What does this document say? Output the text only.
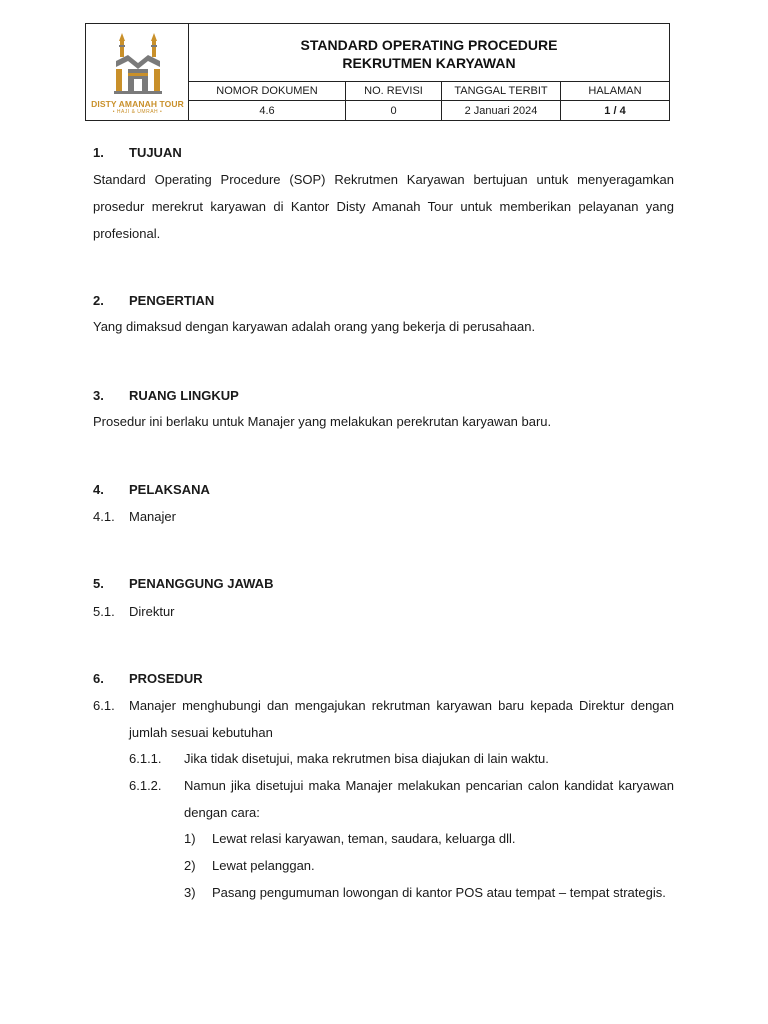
DISTY AMANAH TOUR
• HAJI & UMRAH •
STANDARD OPERATING PROCEDURE
REKRUTMEN KARYAWAN
NOMOR DOKUMEN	NO. REVISI	TANGGAL TERBIT	HALAMAN
4.6	0	2 Januari 2024	1 / 4
1. TUJUAN
Standard Operating Procedure (SOP) Rekrutmen Karyawan bertujuan untuk menyeragamkan prosedur merekrut karyawan di Kantor Disty Amanah Tour untuk memberikan pelayanan yang profesional.
2. PENGERTIAN
Yang dimaksud dengan karyawan adalah orang yang bekerja di perusahaan.
3. RUANG LINGKUP
Prosedur ini berlaku untuk Manajer yang melakukan perekrutan karyawan baru.
4. PELAKSANA
4.1. Manajer
5. PENANGGUNG JAWAB
5.1. Direktur
6. PROSEDUR
6.1. Manajer menghubungi dan mengajukan rekrutman karyawan baru kepada Direktur dengan jumlah sesuai kebutuhan
6.1.1. Jika tidak disetujui, maka rekrutmen bisa diajukan di lain waktu.
6.1.2. Namun jika disetujui maka Manajer melakukan pencarian calon kandidat karyawan dengan cara:
1) Lewat relasi karyawan, teman, saudara, keluarga dll.
2) Lewat pelanggan.
3) Pasang pengumuman lowongan di kantor POS atau tempat – tempat strategis.
